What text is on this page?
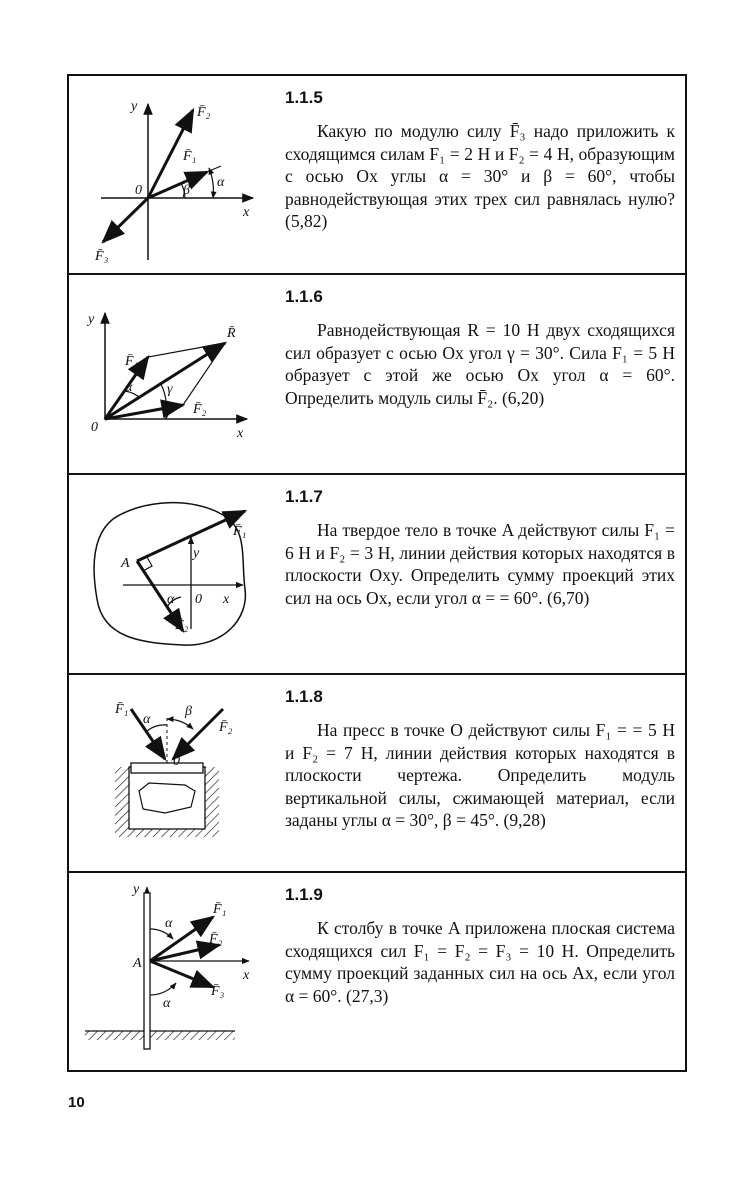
y
x
0
F̄₂
F̄₁
F̄₃
β
α

1.1.5

Какую по модулю силу F̄₃ надо приложить к сходящимся силам F₁ = 2 Н и F₂ = 4 Н, образующим с осью Ox углы α = 30° и β = 60°, чтобы равнодействующая этих трех сил равнялась нулю? (5,82)

y
x
0
R̄
F̄₁
F̄₂
α γ

1.1.6

Равнодействующая R = 10 Н двух сходящихся сил образует с осью Ox угол γ = 30°. Сила F₁ = 5 Н образует с этой же осью Ox угол α = 60°. Определить модуль силы F̄₂. (6,20)

A
y
x
0
F̄₁
F̄₂
α

1.1.7

На твердое тело в точке A действуют силы F₁ = 6 Н и F₂ = 3 Н, линии действия которых находятся в плоскости Oxy. Определить сумму проекций этих сил на ось Ox, если угол α = = 60°. (6,70)

F̄₁
F̄₂
α
β
0

1.1.8

На пресс в точке O действуют силы F₁ = = 5 Н и F₂ = 7 Н, линии действия которых находятся в плоскости чертежа. Определить модуль вертикальной силы, сжимающей материал, если заданы углы α = 30°, β = 45°. (9,28)

y
x
A
F̄₁
F̄₂
F̄₃
α
α

1.1.9

К столбу в точке A приложена плоская система сходящихся сил F₁ = F₂ = F₃ = 10 Н. Определить сумму проекций заданных сил на ось Ax, если угол α = 60°. (27,3)

10
